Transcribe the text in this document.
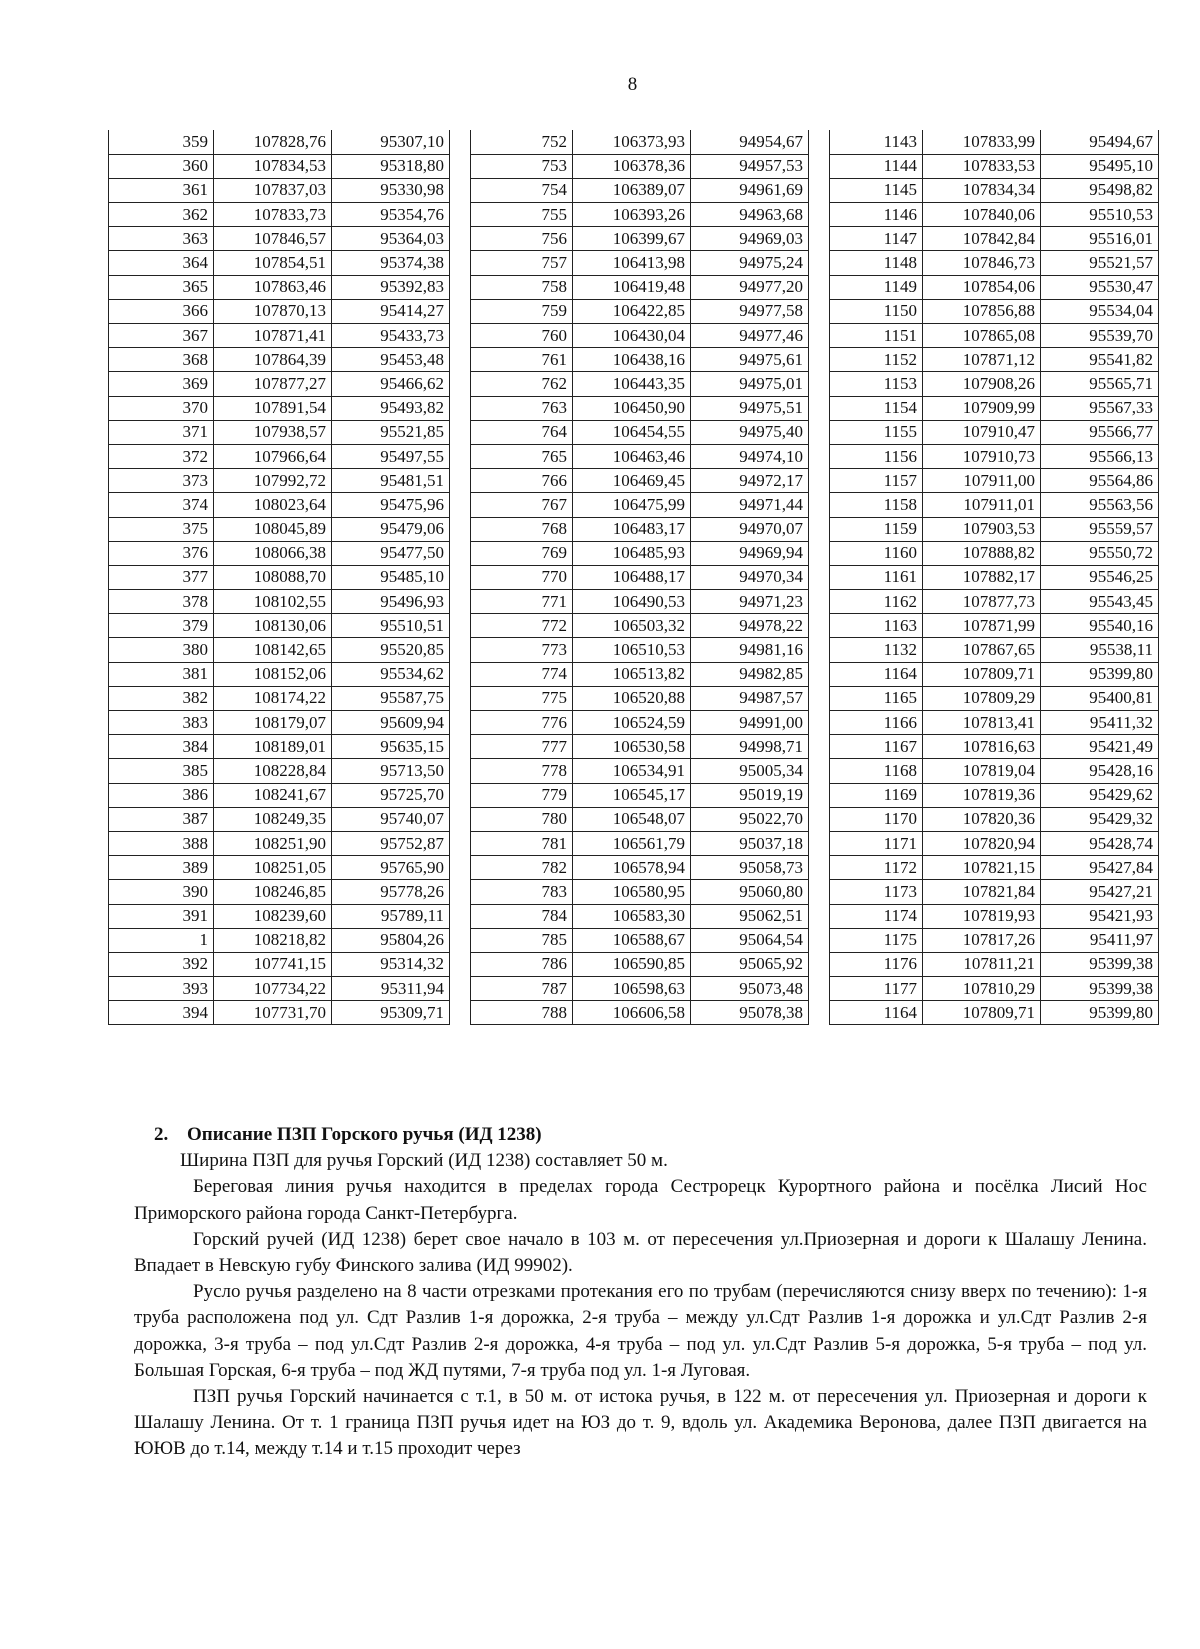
8
359	107828,76	95307,10
360	107834,53	95318,80
361	107837,03	95330,98
362	107833,73	95354,76
363	107846,57	95364,03
364	107854,51	95374,38
365	107863,46	95392,83
366	107870,13	95414,27
367	107871,41	95433,73
368	107864,39	95453,48
369	107877,27	95466,62
370	107891,54	95493,82
371	107938,57	95521,85
372	107966,64	95497,55
373	107992,72	95481,51
374	108023,64	95475,96
375	108045,89	95479,06
376	108066,38	95477,50
377	108088,70	95485,10
378	108102,55	95496,93
379	108130,06	95510,51
380	108142,65	95520,85
381	108152,06	95534,62
382	108174,22	95587,75
383	108179,07	95609,94
384	108189,01	95635,15
385	108228,84	95713,50
386	108241,67	95725,70
387	108249,35	95740,07
388	108251,90	95752,87
389	108251,05	95765,90
390	108246,85	95778,26
391	108239,60	95789,11
1	108218,82	95804,26
392	107741,15	95314,32
393	107734,22	95311,94
394	107731,70	95309,71
752	106373,93	94954,67
753	106378,36	94957,53
754	106389,07	94961,69
755	106393,26	94963,68
756	106399,67	94969,03
757	106413,98	94975,24
758	106419,48	94977,20
759	106422,85	94977,58
760	106430,04	94977,46
761	106438,16	94975,61
762	106443,35	94975,01
763	106450,90	94975,51
764	106454,55	94975,40
765	106463,46	94974,10
766	106469,45	94972,17
767	106475,99	94971,44
768	106483,17	94970,07
769	106485,93	94969,94
770	106488,17	94970,34
771	106490,53	94971,23
772	106503,32	94978,22
773	106510,53	94981,16
774	106513,82	94982,85
775	106520,88	94987,57
776	106524,59	94991,00
777	106530,58	94998,71
778	106534,91	95005,34
779	106545,17	95019,19
780	106548,07	95022,70
781	106561,79	95037,18
782	106578,94	95058,73
783	106580,95	95060,80
784	106583,30	95062,51
785	106588,67	95064,54
786	106590,85	95065,92
787	106598,63	95073,48
788	106606,58	95078,38
1143	107833,99	95494,67
1144	107833,53	95495,10
1145	107834,34	95498,82
1146	107840,06	95510,53
1147	107842,84	95516,01
1148	107846,73	95521,57
1149	107854,06	95530,47
1150	107856,88	95534,04
1151	107865,08	95539,70
1152	107871,12	95541,82
1153	107908,26	95565,71
1154	107909,99	95567,33
1155	107910,47	95566,77
1156	107910,73	95566,13
1157	107911,00	95564,86
1158	107911,01	95563,56
1159	107903,53	95559,57
1160	107888,82	95550,72
1161	107882,17	95546,25
1162	107877,73	95543,45
1163	107871,99	95540,16
1132	107867,65	95538,11
1164	107809,71	95399,80
1165	107809,29	95400,81
1166	107813,41	95411,32
1167	107816,63	95421,49
1168	107819,04	95428,16
1169	107819,36	95429,62
1170	107820,36	95429,32
1171	107820,94	95428,74
1172	107821,15	95427,84
1173	107821,84	95427,21
1174	107819,93	95421,93
1175	107817,26	95411,97
1176	107811,21	95399,38
1177	107810,29	95399,38
1164	107809,71	95399,80
2. Описание ПЗП Горского ручья (ИД 1238)

Ширина ПЗП для ручья Горский (ИД 1238) составляет 50 м.

Береговая линия ручья находится в пределах города Сестрорецк Курортного района и посёлка Лисий Нос Приморского района города Санкт-Петербурга.

Горский ручей (ИД 1238) берет свое начало в 103 м. от пересечения ул.Приозерная и дороги к Шалашу Ленина. Впадает в Невскую губу Финского залива (ИД 99902).

Русло ручья разделено на 8 части отрезками протекания его по трубам (перечисляются снизу вверх по течению): 1-я труба расположена под ул. Сдт Разлив 1-я дорожка, 2-я труба – между ул.Сдт Разлив 1-я дорожка и ул.Сдт Разлив 2-я дорожка, 3-я труба – под ул.Сдт Разлив 2-я дорожка, 4-я труба – под ул. ул.Сдт Разлив 5-я дорожка, 5-я труба – под ул. Большая Горская, 6-я труба – под ЖД путями, 7-я труба под ул. 1-я Луговая.

ПЗП ручья Горский начинается с т.1, в 50 м. от истока ручья, в 122 м. от пересечения ул. Приозерная и дороги к Шалашу Ленина. От т. 1 граница ПЗП ручья идет на ЮЗ до т. 9, вдоль ул. Академика Веронова, далее ПЗП двигается на ЮЮВ до т.14, между т.14 и т.15 проходит через
